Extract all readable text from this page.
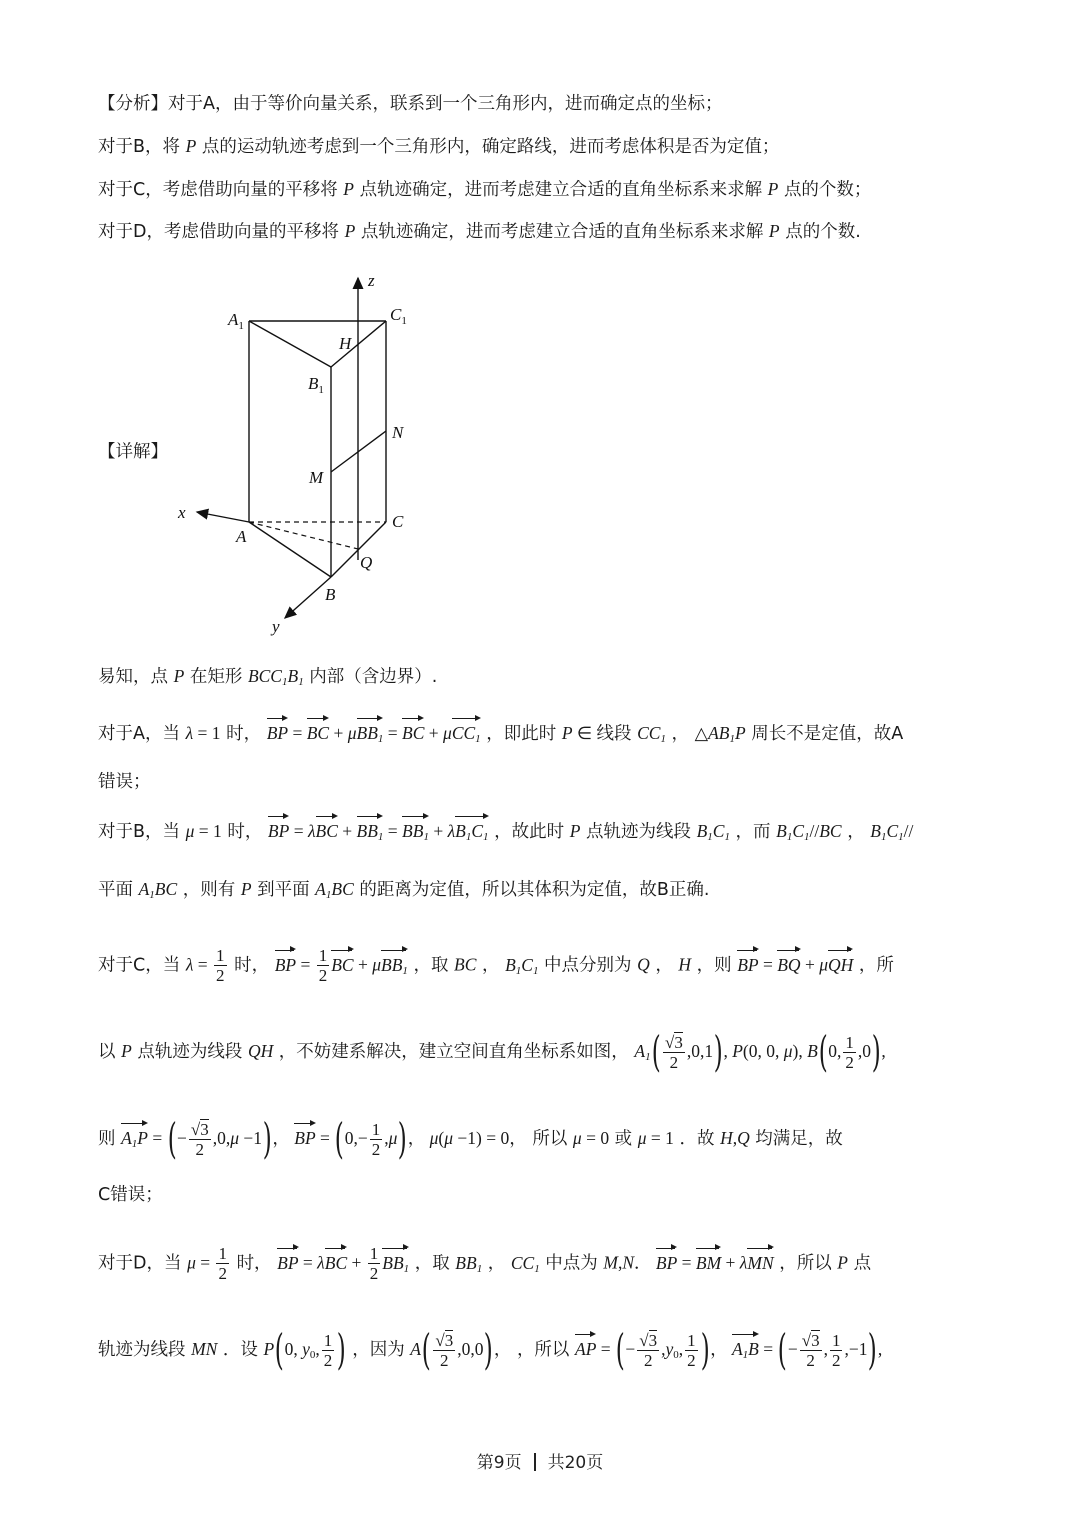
【分析】对于A，由于等价向量关系，联系到一个三角形内，进而确定点的坐标；
对于B，将 P 点的运动轨迹考虑到一个三角形内，确定路线，进而考虑体积是否为定值；
对于C，考虑借助向量的平移将 P 点轨迹确定，进而考虑建立合适的直角坐标系来求解 P 点的个数；
对于D，考虑借助向量的平移将 P 点轨迹确定，进而考虑建立合适的直角坐标系来求解 P 点的个数.
【详解】
z
$A_1$
$C_1$
H
$B_1$
N
M
x
A
C
Q
B
y
易知，点 P 在矩形 $BCC_1B_1$ 内部（含边界）.
对于A，当 λ = 1 时， BP = BC + μBB$_1$ = BC + μCC$_1$ ，即此时 P ∈ 线段 $CC_1$ ， $\triangle AB_1P$ 周长不是定值，故A
错误；
对于B，当 μ = 1 时， BP = $\lambda BC + BB_1 = BB_1 + \lambda B_1C_1$ ，故此时 P 点轨迹为线段 $B_1C_1$ ，而 $B_1C_1//BC$ ， $B_1C_1//$
平面 $A_1BC$ ，则有 P 到平面 $A_1BC$ 的距离为定值，所以其体积为定值，故B正确.
对于C，当 $\lambda = \frac{1}{2}$ 时， BP = $\frac{1}{2}$ BC + μBB$_1$ ，取 BC ， $B_1C_1$ 中点分别为 Q ， H ，则 BP = BQ + μQH ，所
以 P 点轨迹为线段 QH ，不妨建系解决，建立空间直角坐标系如图， $A_1( \frac{√3}{2} ,0,1)$, P(0, 0, μ), B(0, $\frac{1}{2} ,0$),
则 $A_1P$ = (− $\frac{√3}{2} ,0,\mu -1$)， BP = $(0,- \frac{1}{2} ,\mu)$， μ(μ −1) = 0， 所以 μ = 0 或 μ = 1 ．故 H,Q 均满足，故
C错误；
对于D，当 $\mu = \frac{1}{2}$ 时， BP = $\lambda BC + \frac{1}{2} BB_1$ ，取 $BB_1$ ， $CC_1$ 中点为 M,N． BP = BM + λMN ，所以 P 点
轨迹为线段 MN ．设 P(0, $y_0$, $\frac{1}{2}$ ) ，因为 $A( \frac{√3}{2} ,0,0)$， ，所以 AP = (− $\frac{√3}{2} ,y_0$, $\frac{1}{2}$ )， $A_1B$ = (− $\frac{√3}{2}$ , $\frac{1}{2} ,-1$),
第9页 共20页
